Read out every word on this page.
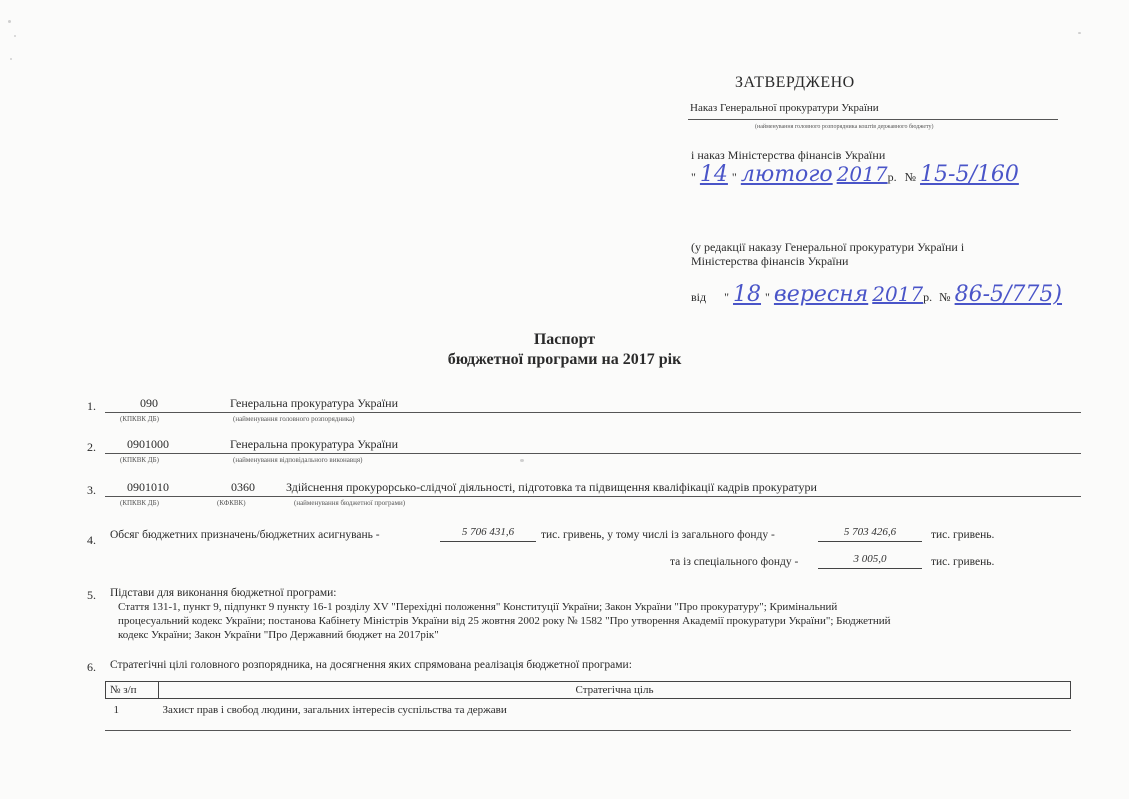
ЗАТВЕРДЖЕНО
Наказ Генеральної прокуратури України
(найменування головного розпорядника коштів державного бюджету)
і наказ Міністерства фінансів України
" 14 " лютого 2017р. № 15-5/160
(у редакції наказу Генеральної прокуратури України і
Міністерства фінансів України
від " 18 " вересня 2017р. № 86-5/775)
Паспорт
бюджетної програми на 2017 рік
1.	090	Генеральна прокуратура України
(КПКВК ДБ)	(найменування головного розпорядника)
2.	0901000	Генеральна прокуратура України
(КПКВК ДБ)	(найменування відповідального виконавця)
3.	0901010	0360	Здійснення прокурорсько-слідчої діяльності, підготовка та підвищення кваліфікації кадрів прокуратури
(КПКВК ДБ)	(КФКВК)	(найменування бюджетної програми)
4. Обсяг бюджетних призначень/бюджетних асигнувань -	5 706 431,6	тис. гривень, у тому числі із загального фонду -	5 703 426,6	тис. гривень.
та із спеціального фонду -	3 005,0	тис. гривень.
5. Підстави для виконання бюджетної програми:
Стаття 131-1, пункт 9, підпункт 9 пункту 16-1 розділу XV "Перехідні положення" Конституції України; Закон України "Про прокуратуру"; Кримінальний
процесуальний кодекс України; постанова Кабінету Міністрів України від 25 жовтня 2002 року № 1582 "Про утворення Академії прокуратури України"; Бюджетний
кодекс України; Закон України "Про Державний бюджет на 2017рік"
6. Стратегічні цілі головного розпорядника, на досягнення яких спрямована реалізація бюджетної програми:
№ з/п	Стратегічна ціль
1	Захист прав і свобод людини, загальних інтересів суспільства та держави
